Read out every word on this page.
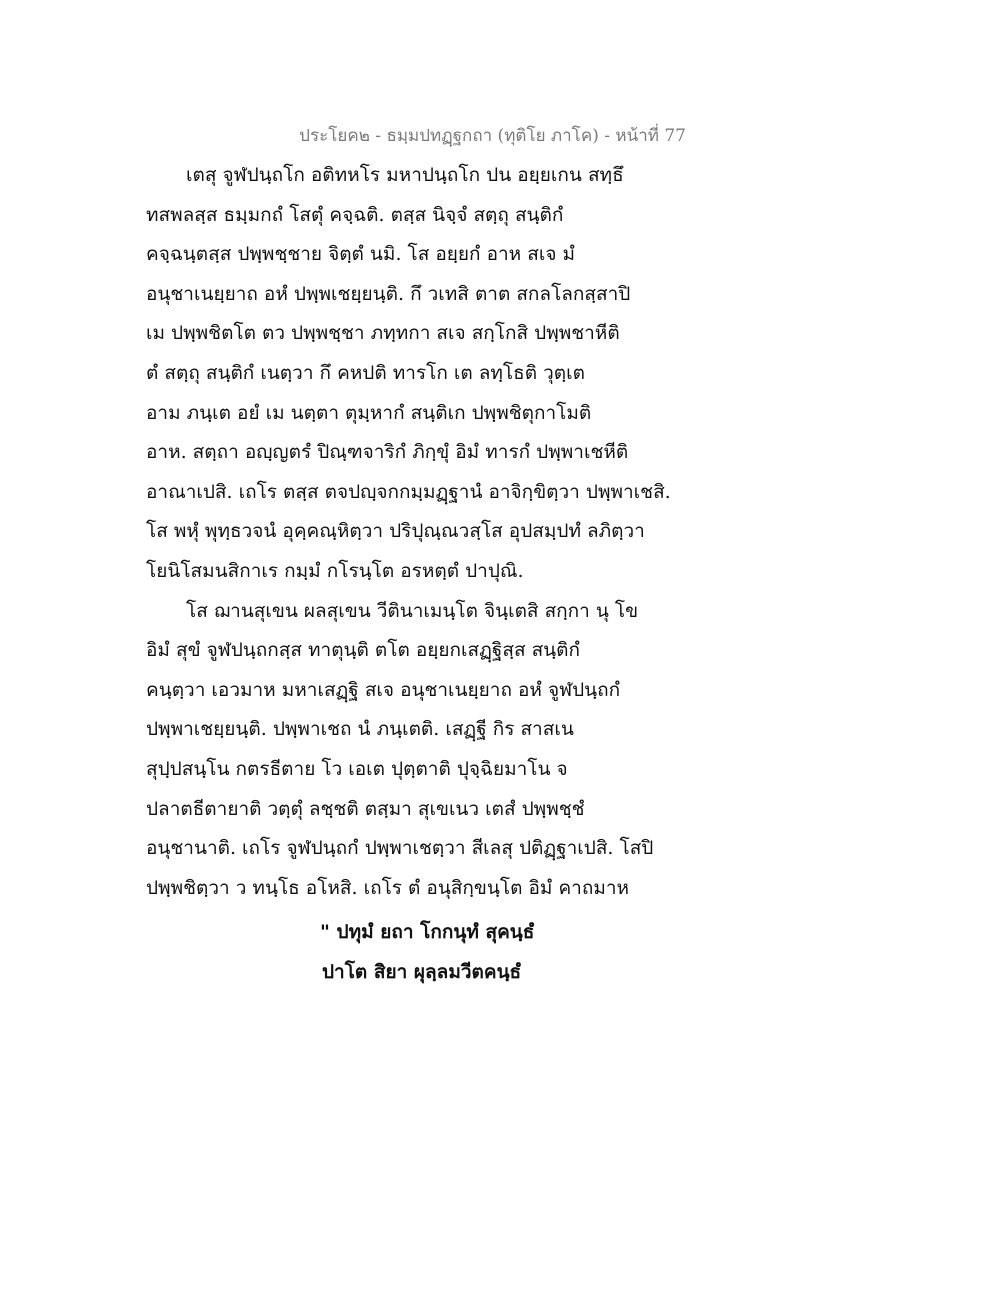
ประโยค๒ - ธมฺมปทฏฺฐกถา (ทุติโย ภาโค) - หน้าที่ 77
เตสุ จูฬปนฺถโก อติทหโร มหาปนฺถโก ปน อยฺยเกน สทฺธึ
ทสพลสฺส ธมฺมกถํ โสตุํ คจฺฉติ. ตสฺส นิจฺจํ สตฺถุ สนฺติกํ
คจฺฉนฺตสฺส ปพฺพชฺชาย จิตฺตํ นมิ. โส อยฺยกํ อาห สเจ มํ
อนุชาเนยฺยาถ อหํ ปพฺพเชยฺยนฺติ. กึ วเทสิ ตาต สกลโลกสฺสาปิ
เม ปพฺพชิตโต ตว ปพฺพชฺชา ภทฺทกา สเจ สกฺโกสิ ปพฺพชาหีติ
ตํ สตฺถุ สนฺติกํ เนตฺวา กึ คหปติ ทารโก เต ลทฺโธติ วุตฺเต
อาม ภนฺเต อยํ เม นตฺตา ตุมฺหากํ สนฺติเก ปพฺพชิตุกาโมติ
อาห. สตฺถา อญฺญตรํ ปิณฺฑจาริกํ ภิกฺขุํ อิมํ ทารกํ ปพฺพาเชหีติ
อาณาเปสิ. เถโร ตสฺส ตจปญฺจกกมฺมฏฺฐานํ อาจิกฺขิตฺวา ปพฺพาเชสิ.
โส พหุํ พุทฺธวจนํ อุคฺคณฺหิตฺวา ปริปุณฺณวสฺโส อุปสมฺปทํ ลภิตฺวา
โยนิโสมนสิกาเร กมฺมํ กโรนฺโต อรหตฺตํ ปาปุณิ.
โส ฌานสุเขน ผลสุเขน วีตินาเมนฺโต จินฺเตสิ สกฺกา นุ โข
อิมํ สุขํ จูฬปนฺถกสฺส ทาตุนฺติ ตโต อยฺยกเสฏฺฐิสฺส สนฺติกํ
คนฺตฺวา เอวมาห มหาเสฏฺฐิ สเจ อนุชาเนยฺยาถ อหํ จูฬปนฺถกํ
ปพฺพาเชยฺยนฺติ. ปพฺพาเชถ นํ ภนฺเตติ. เสฏฺฐี กิร สาสเน
สุปฺปสนฺโน กตรธีตาย โว เอเต ปุตฺตาติ ปุจฺฉิยมาโน จ
ปลาตธีตายาติ วตฺตุํ ลชฺชติ ตสฺมา สุเขเนว เตสํ ปพฺพชฺชํ
อนุชานาติ. เถโร จูฬปนฺถกํ ปพฺพาเชตฺวา สีเลสุ ปติฏฺฐาเปสิ. โสปิ
ปพฺพชิตฺวา ว ทนฺโธ อโหสิ. เถโร ตํ อนุสิกฺขนฺโต อิมํ คาถมาห
" ปทุมํ ยถา โกกนุทํ สุคนฺธํ
ปาโต สิยา ผุลฺลมวีตคนฺธํ
